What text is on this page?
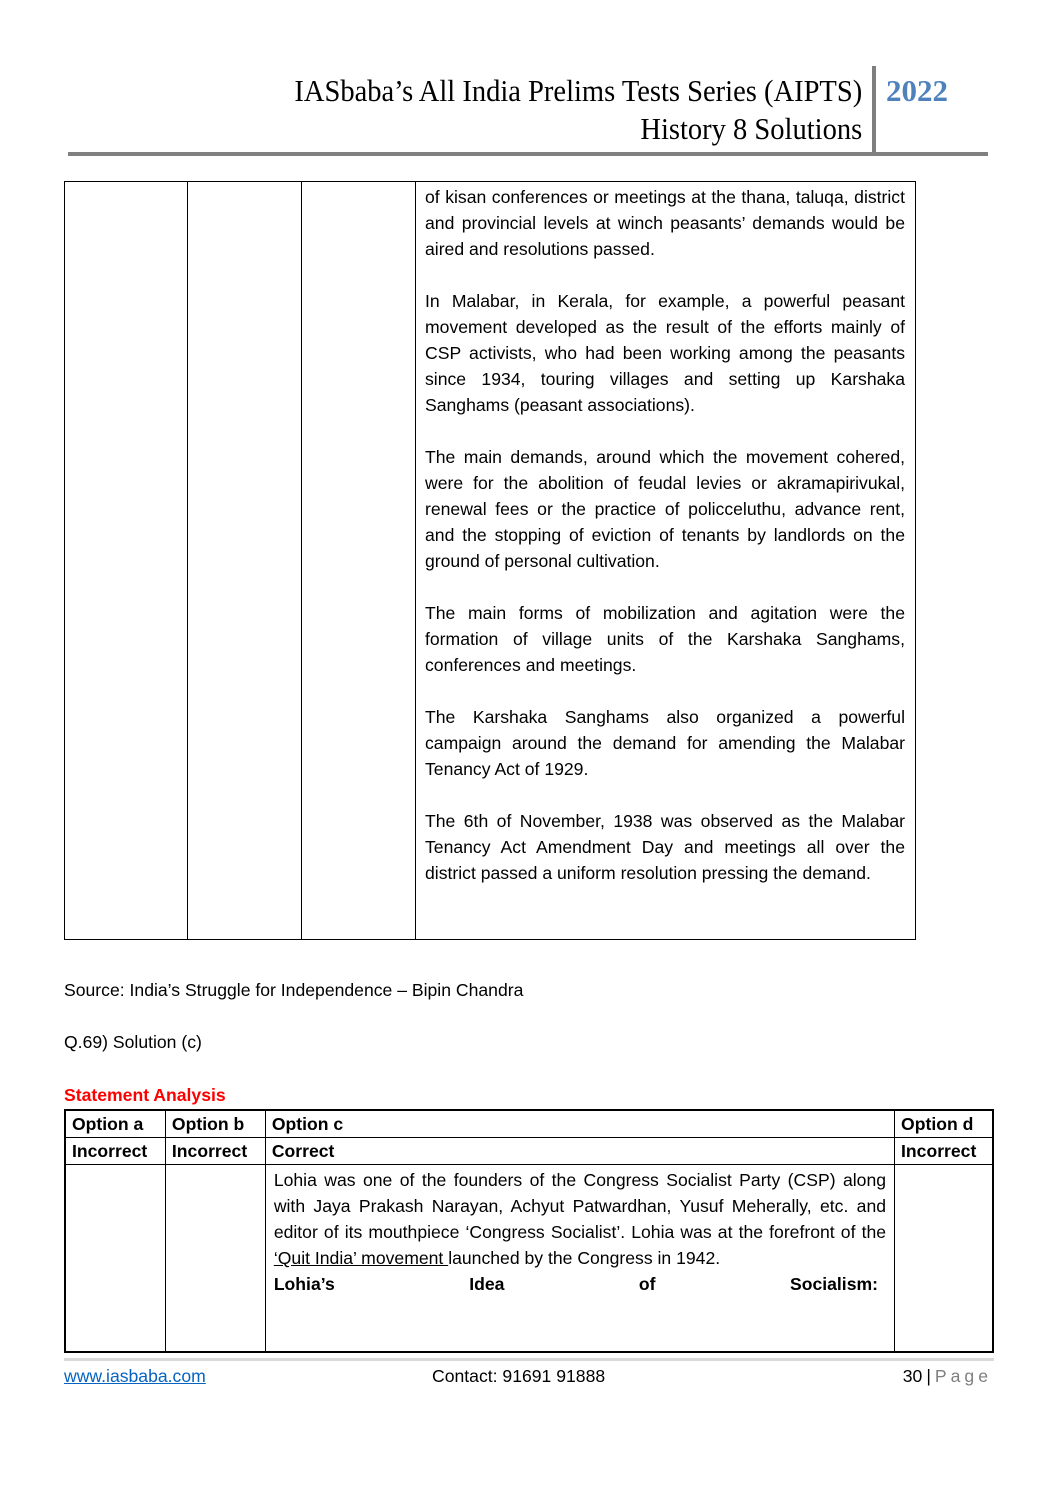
IASbaba’s All India Prelims Tests Series (AIPTS)
History 8 Solutions
2022

of kisan conferences or meetings at the thana, taluqa, district and provincial levels at winch peasants’ demands would be aired and resolutions passed.

In Malabar, in Kerala, for example, a powerful peasant movement developed as the result of the efforts mainly of CSP activists, who had been working among the peasants since 1934, touring villages and setting up Karshaka Sanghams (peasant associations).

The main demands, around which the movement cohered, were for the abolition of feudal levies or akramapirivukal, renewal fees or the practice of policceluthu, advance rent, and the stopping of eviction of tenants by landlords on the ground of personal cultivation.

The main forms of mobilization and agitation were the formation of village units of the Karshaka Sanghams, conferences and meetings.

The Karshaka Sanghams also organized a powerful campaign around the demand for amending the Malabar Tenancy Act of 1929.

The 6th of November, 1938 was observed as the Malabar Tenancy Act Amendment Day and meetings all over the district passed a uniform resolution pressing the demand.

Source: India’s Struggle for Independence – Bipin Chandra
Q.69) Solution (c)
Statement Analysis
Option a	Option b	Option c	Option d
Incorrect	Incorrect	Correct	Incorrect

		Lohia was one of the founders of the Congress Socialist Party (CSP) along with Jaya Prakash Narayan, Achyut Patwardhan, Yusuf Meherally, etc. and editor of its mouthpiece ‘Congress Socialist’. Lohia was at the forefront of the ‘Quit India’ movement launched by the Congress in 1942.
Lohia’s Idea of Socialism:	

www.iasbaba.com	Contact: 91691 91888	30 | Page
